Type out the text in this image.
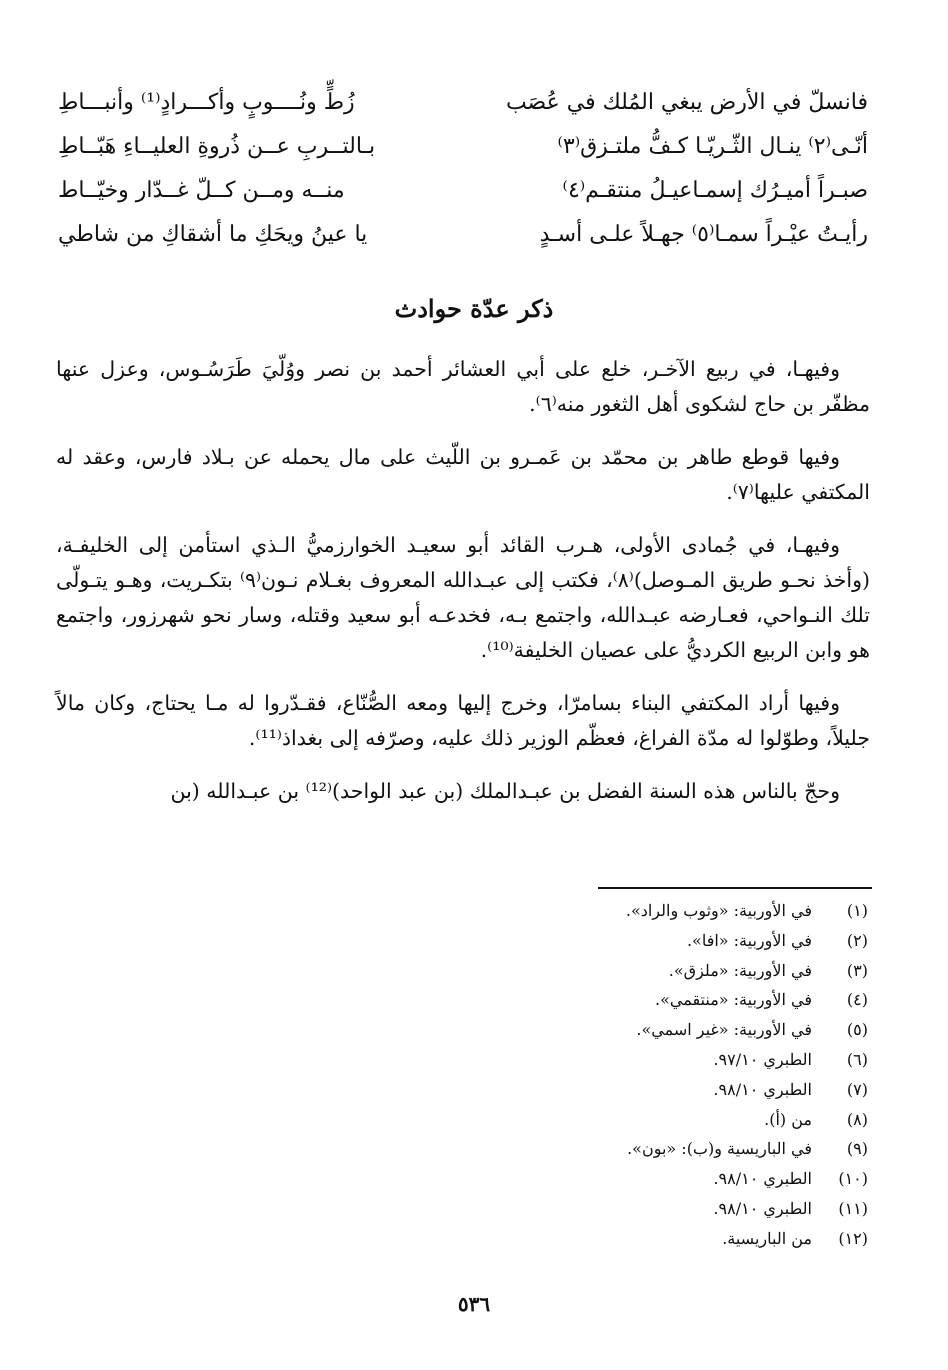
فانسلّ في الأرض يبغي المُلك في عُصَب
زُطٍّ ونُــــوبٍ وأكـــرادٍ⁽¹⁾ وأنبـــاطِ
أنّـى⁽٢⁾ ينـال الثّـريّـا كـفُّ ملتـزق⁽٣⁾
بـالتــربِ عــن ذُروةِ العليــاءِ هَبّــاطِ
صبـراً أميـرُك إسمـاعيـلُ منتقـم⁽٤⁾
منــه ومــن كــلّ غــدّار وخيّــاط
رأيـتُ عيْـراً سمـا⁽٥⁾ جهـلاً علـى أسـدٍ
يا عينُ ويحَكِ ما أشقاكِ من شاطي
ذكر عدّة حوادث

وفيهـا، في ربيع الآخـر، خلع على أبي العشائر أحمد بن نصر ووُلّيَ طَرَسُـوس، وعزل عنها مظفّر بن حاج لشكوى أهل الثغور منه⁽٦⁾.

وفيها قوطع طاهر بن محمّد بن عَمـرو بن اللّيث على مال يحمله عن بـلاد فارس، وعقد له المكتفي عليها⁽٧⁾.

وفيهـا، في جُمادى الأولى، هـرب القائد أبو سعيـد الخوارزميُّ الـذي استأمن إلى الخليفـة، (وأخذ نحـو طريق المـوصل)⁽٨⁾، فكتب إلى عبـدالله المعروف بغـلام نـون⁽٩⁾ بتكـريت، وهـو يتـولّى تلك النـواحي، فعـارضه عبـدالله، واجتمع بـه، فخدعـه أبو سعيد وقتله، وسار نحو شهرزور، واجتمع هو وابن الربيع الكرديُّ على عصيان الخليفة⁽¹⁰⁾.

وفيها أراد المكتفي البناء بسامرّا، وخرج إليها ومعه الصُّنّاع، فقـدّروا له مـا يحتاج، وكان مالاً جليلاً، وطوّلوا له مدّة الفراغ، فعظّم الوزير ذلك عليه، وصرّفه إلى بغداذ⁽¹¹⁾.

وحجّ بالناس هذه السنة الفضل بن عبـدالملك (بن عبد الواحد)⁽¹²⁾ بن عبـدالله (بن

(١)
في الأوربية: «وثوب والراد».
(٢)
في الأوربية: «افا».
(٣)
في الأوربية: «ملزق».
(٤)
في الأوربية: «منتقمي».
(٥)
في الأوربية: «غير اسمي».
(٦)
الطبري ٩٧/١٠.
(٧)
الطبري ٩٨/١٠.
(٨)
من (أ).
(٩)
في الباريسية و(ب): «بون».
(١٠)
الطبري ٩٨/١٠.
(١١)
الطبري ٩٨/١٠.
(١٢)
من الباريسية.
٥٣٦
